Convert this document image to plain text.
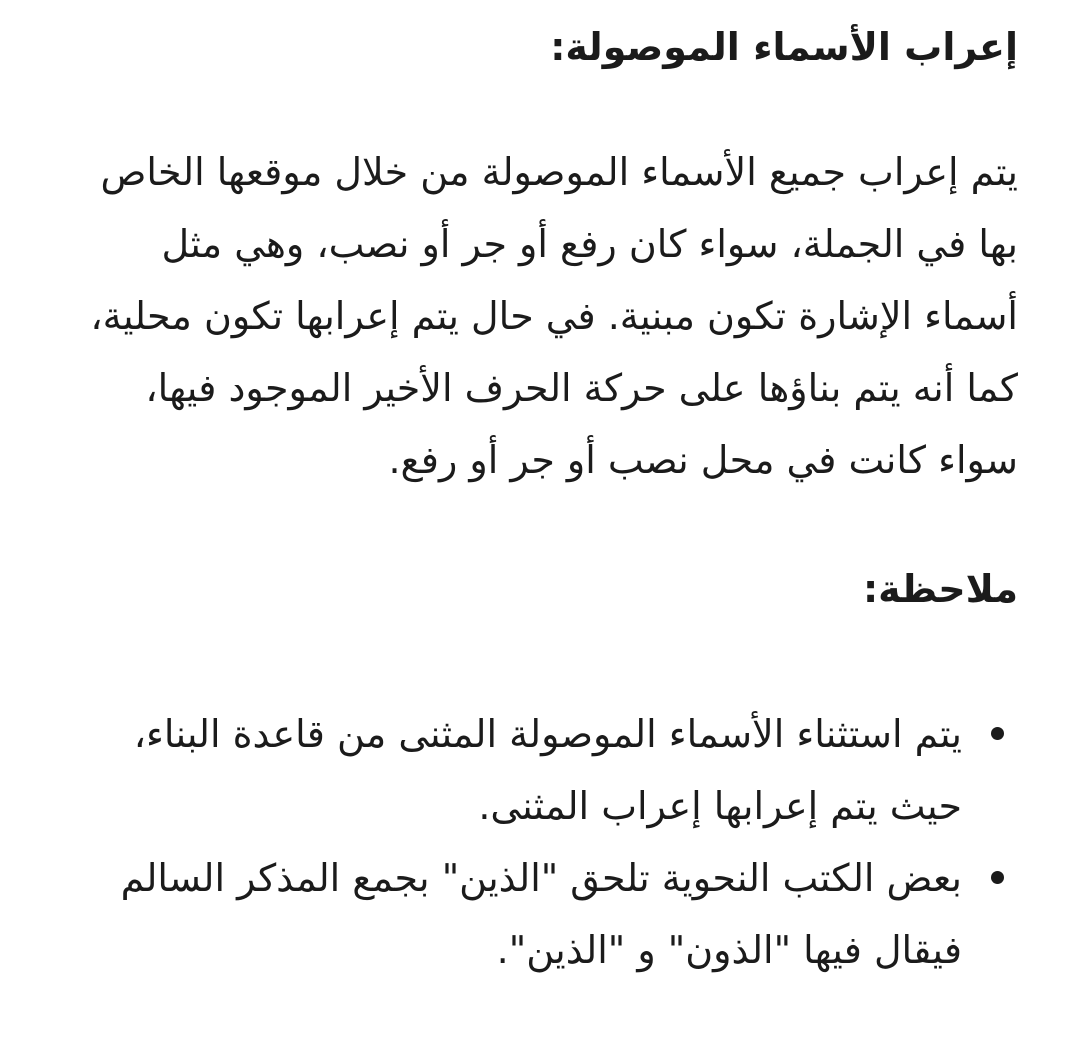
إعراب الأسماء الموصولة:

يتم إعراب جميع الأسماء الموصولة من خلال موقعها الخاص بها في الجملة، سواء كان رفع أو جر أو نصب، وهي مثل أسماء الإشارة تكون مبنية. في حال يتم إعرابها تكون محلية، كما أنه يتم بناؤها على حركة الحرف الأخير الموجود فيها، سواء كانت في محل نصب أو جر أو رفع.

ملاحظة:
يتم استثناء الأسماء الموصولة المثنى من قاعدة البناء، حيث يتم إعرابها إعراب المثنى.
بعض الكتب النحوية تلحق "الذين" بجمع المذكر السالم فيقال فيها "الذون" و "الذين".
